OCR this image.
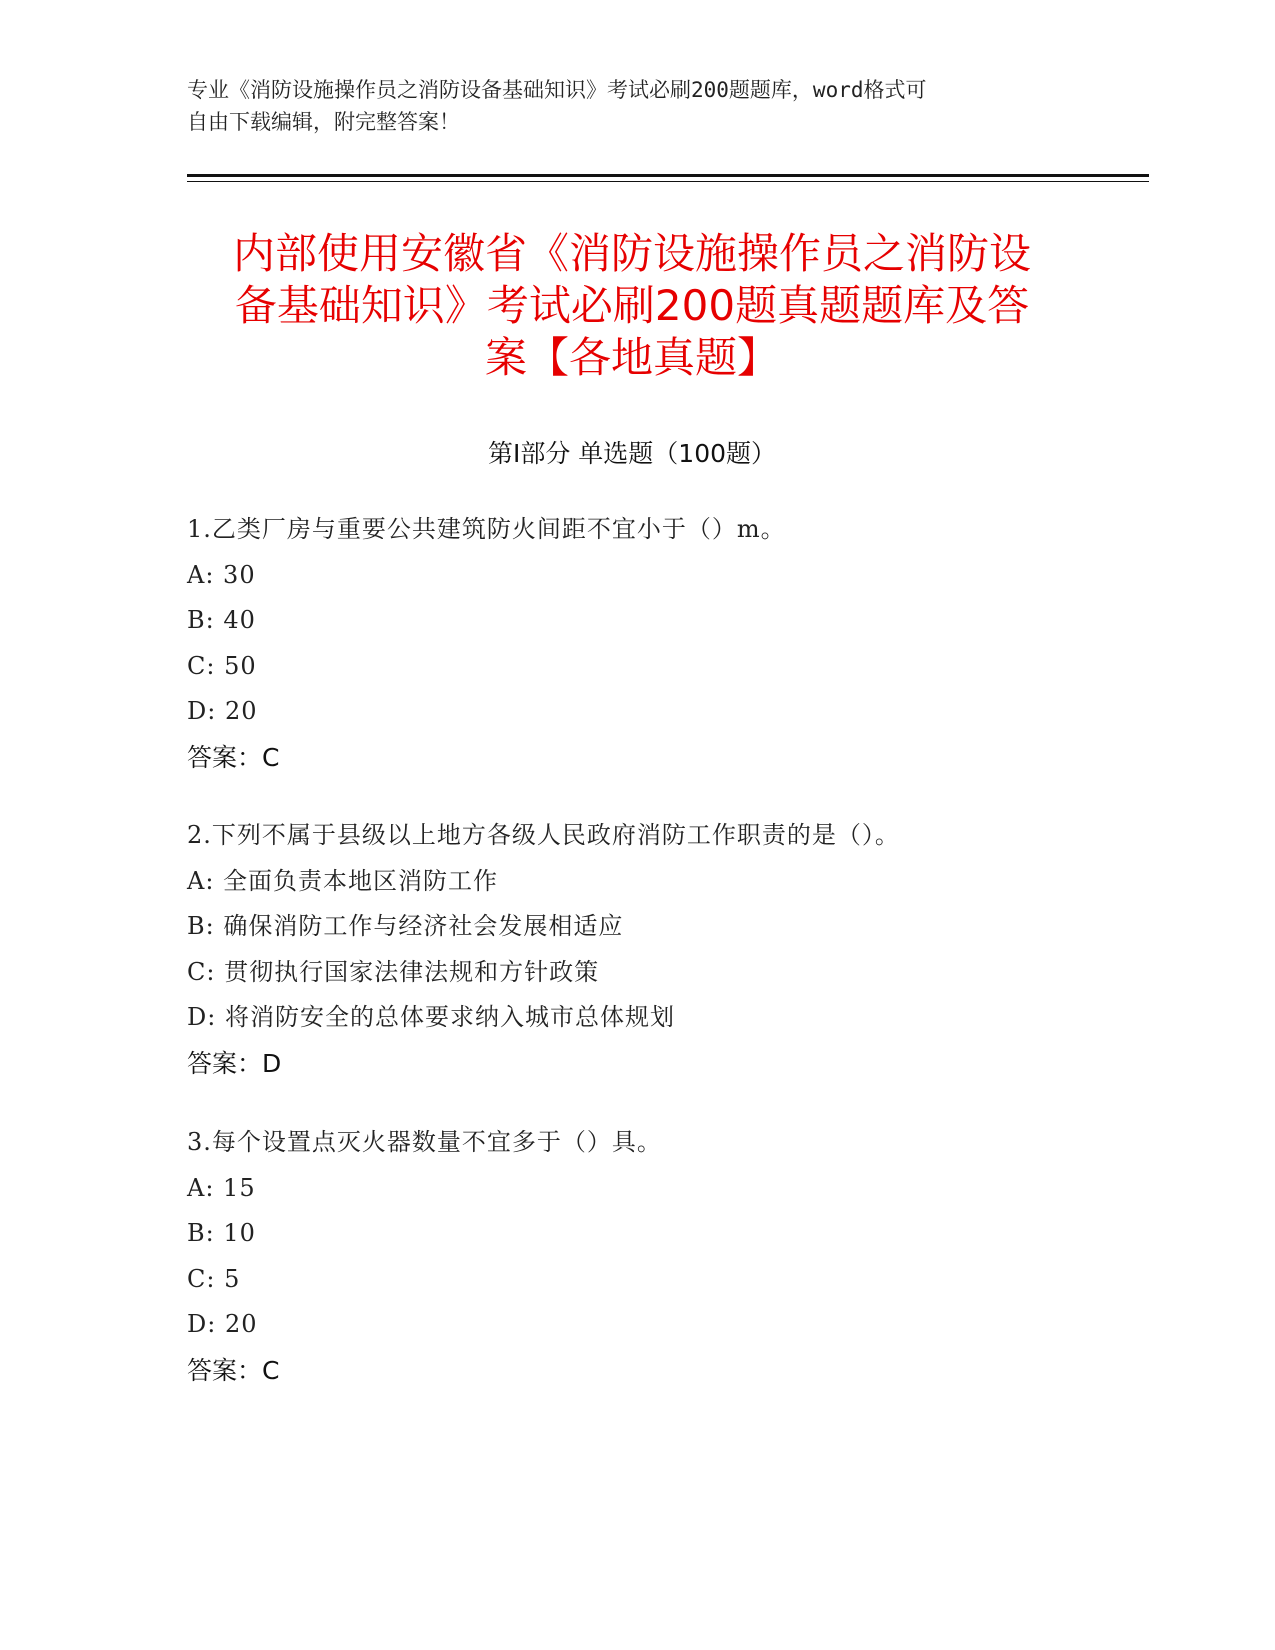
专业《消防设施操作员之消防设备基础知识》考试必刷200题题库，word格式可
自由下载编辑，附完整答案！
内部使用安徽省《消防设施操作员之消防设
备基础知识》考试必刷200题真题题库及答
案【各地真题】
第Ⅰ部分 单选题（100题）
1.乙类厂房与重要公共建筑防火间距不宜小于（）m。
A: 30
B: 40
C: 50
D: 20
答案：C
2.下列不属于县级以上地方各级人民政府消防工作职责的是（）。
A: 全面负责本地区消防工作
B: 确保消防工作与经济社会发展相适应
C: 贯彻执行国家法律法规和方针政策
D: 将消防安全的总体要求纳入城市总体规划
答案：D
3.每个设置点灭火器数量不宜多于（）具。
A: 15
B: 10
C: 5
D: 20
答案：C
